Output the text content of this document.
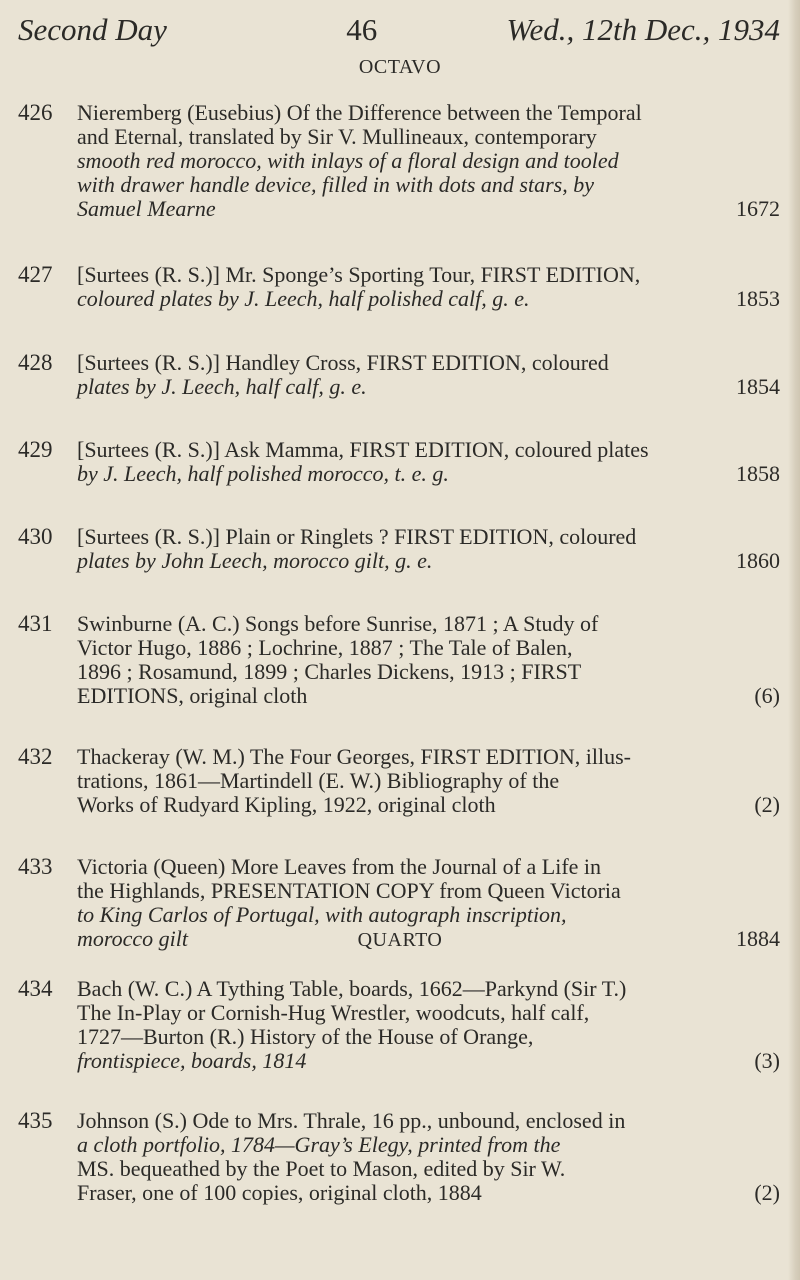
Second Day	46	Wed., 12th Dec., 1934
OCTAVO
QUARTO
426 Nieremberg (Eusebius) Of the Difference between the Temporal
and Eternal, translated by Sir V. Mullineaux, contemporary
smooth red morocco, with inlays of a floral design and tooled
with drawer handle device, filled in with dots and stars, by
Samuel Mearne	1672
427 [Surtees (R. S.)] Mr. Sponge’s Sporting Tour, FIRST EDITION,
coloured plates by J. Leech, half polished calf, g. e.	1853
428 [Surtees (R. S.)] Handley Cross, FIRST EDITION, coloured
plates by J. Leech, half calf, g. e.	1854
429 [Surtees (R. S.)] Ask Mamma, FIRST EDITION, coloured plates
by J. Leech, half polished morocco, t. e. g.	1858
430 [Surtees (R. S.)] Plain or Ringlets ? FIRST EDITION, coloured
plates by John Leech, morocco gilt, g. e.	1860
431 Swinburne (A. C.) Songs before Sunrise, 1871 ; A Study of
Victor Hugo, 1886 ; Lochrine, 1887 ; The Tale of Balen,
1896 ; Rosamund, 1899 ; Charles Dickens, 1913 ; FIRST
EDITIONS, original cloth	(6)
432 Thackeray (W. M.) The Four Georges, FIRST EDITION, illus-
trations, 1861—Martindell (E. W.) Bibliography of the
Works of Rudyard Kipling, 1922, original cloth	(2)
433 Victoria (Queen) More Leaves from the Journal of a Life in
the Highlands, PRESENTATION COPY from Queen Victoria
to King Carlos of Portugal, with autograph inscription,
morocco gilt	1884
434 Bach (W. C.) A Tything Table, boards, 1662—Parkynd (Sir T.)
The In-Play or Cornish-Hug Wrestler, woodcuts, half calf,
1727—Burton (R.) History of the House of Orange,
frontispiece, boards, 1814	(3)
435 Johnson (S.) Ode to Mrs. Thrale, 16 pp., unbound, enclosed in
a cloth portfolio, 1784—Gray’s Elegy, printed from the
MS. bequeathed by the Poet to Mason, edited by Sir W.
Fraser, one of 100 copies, original cloth, 1884	(2)
